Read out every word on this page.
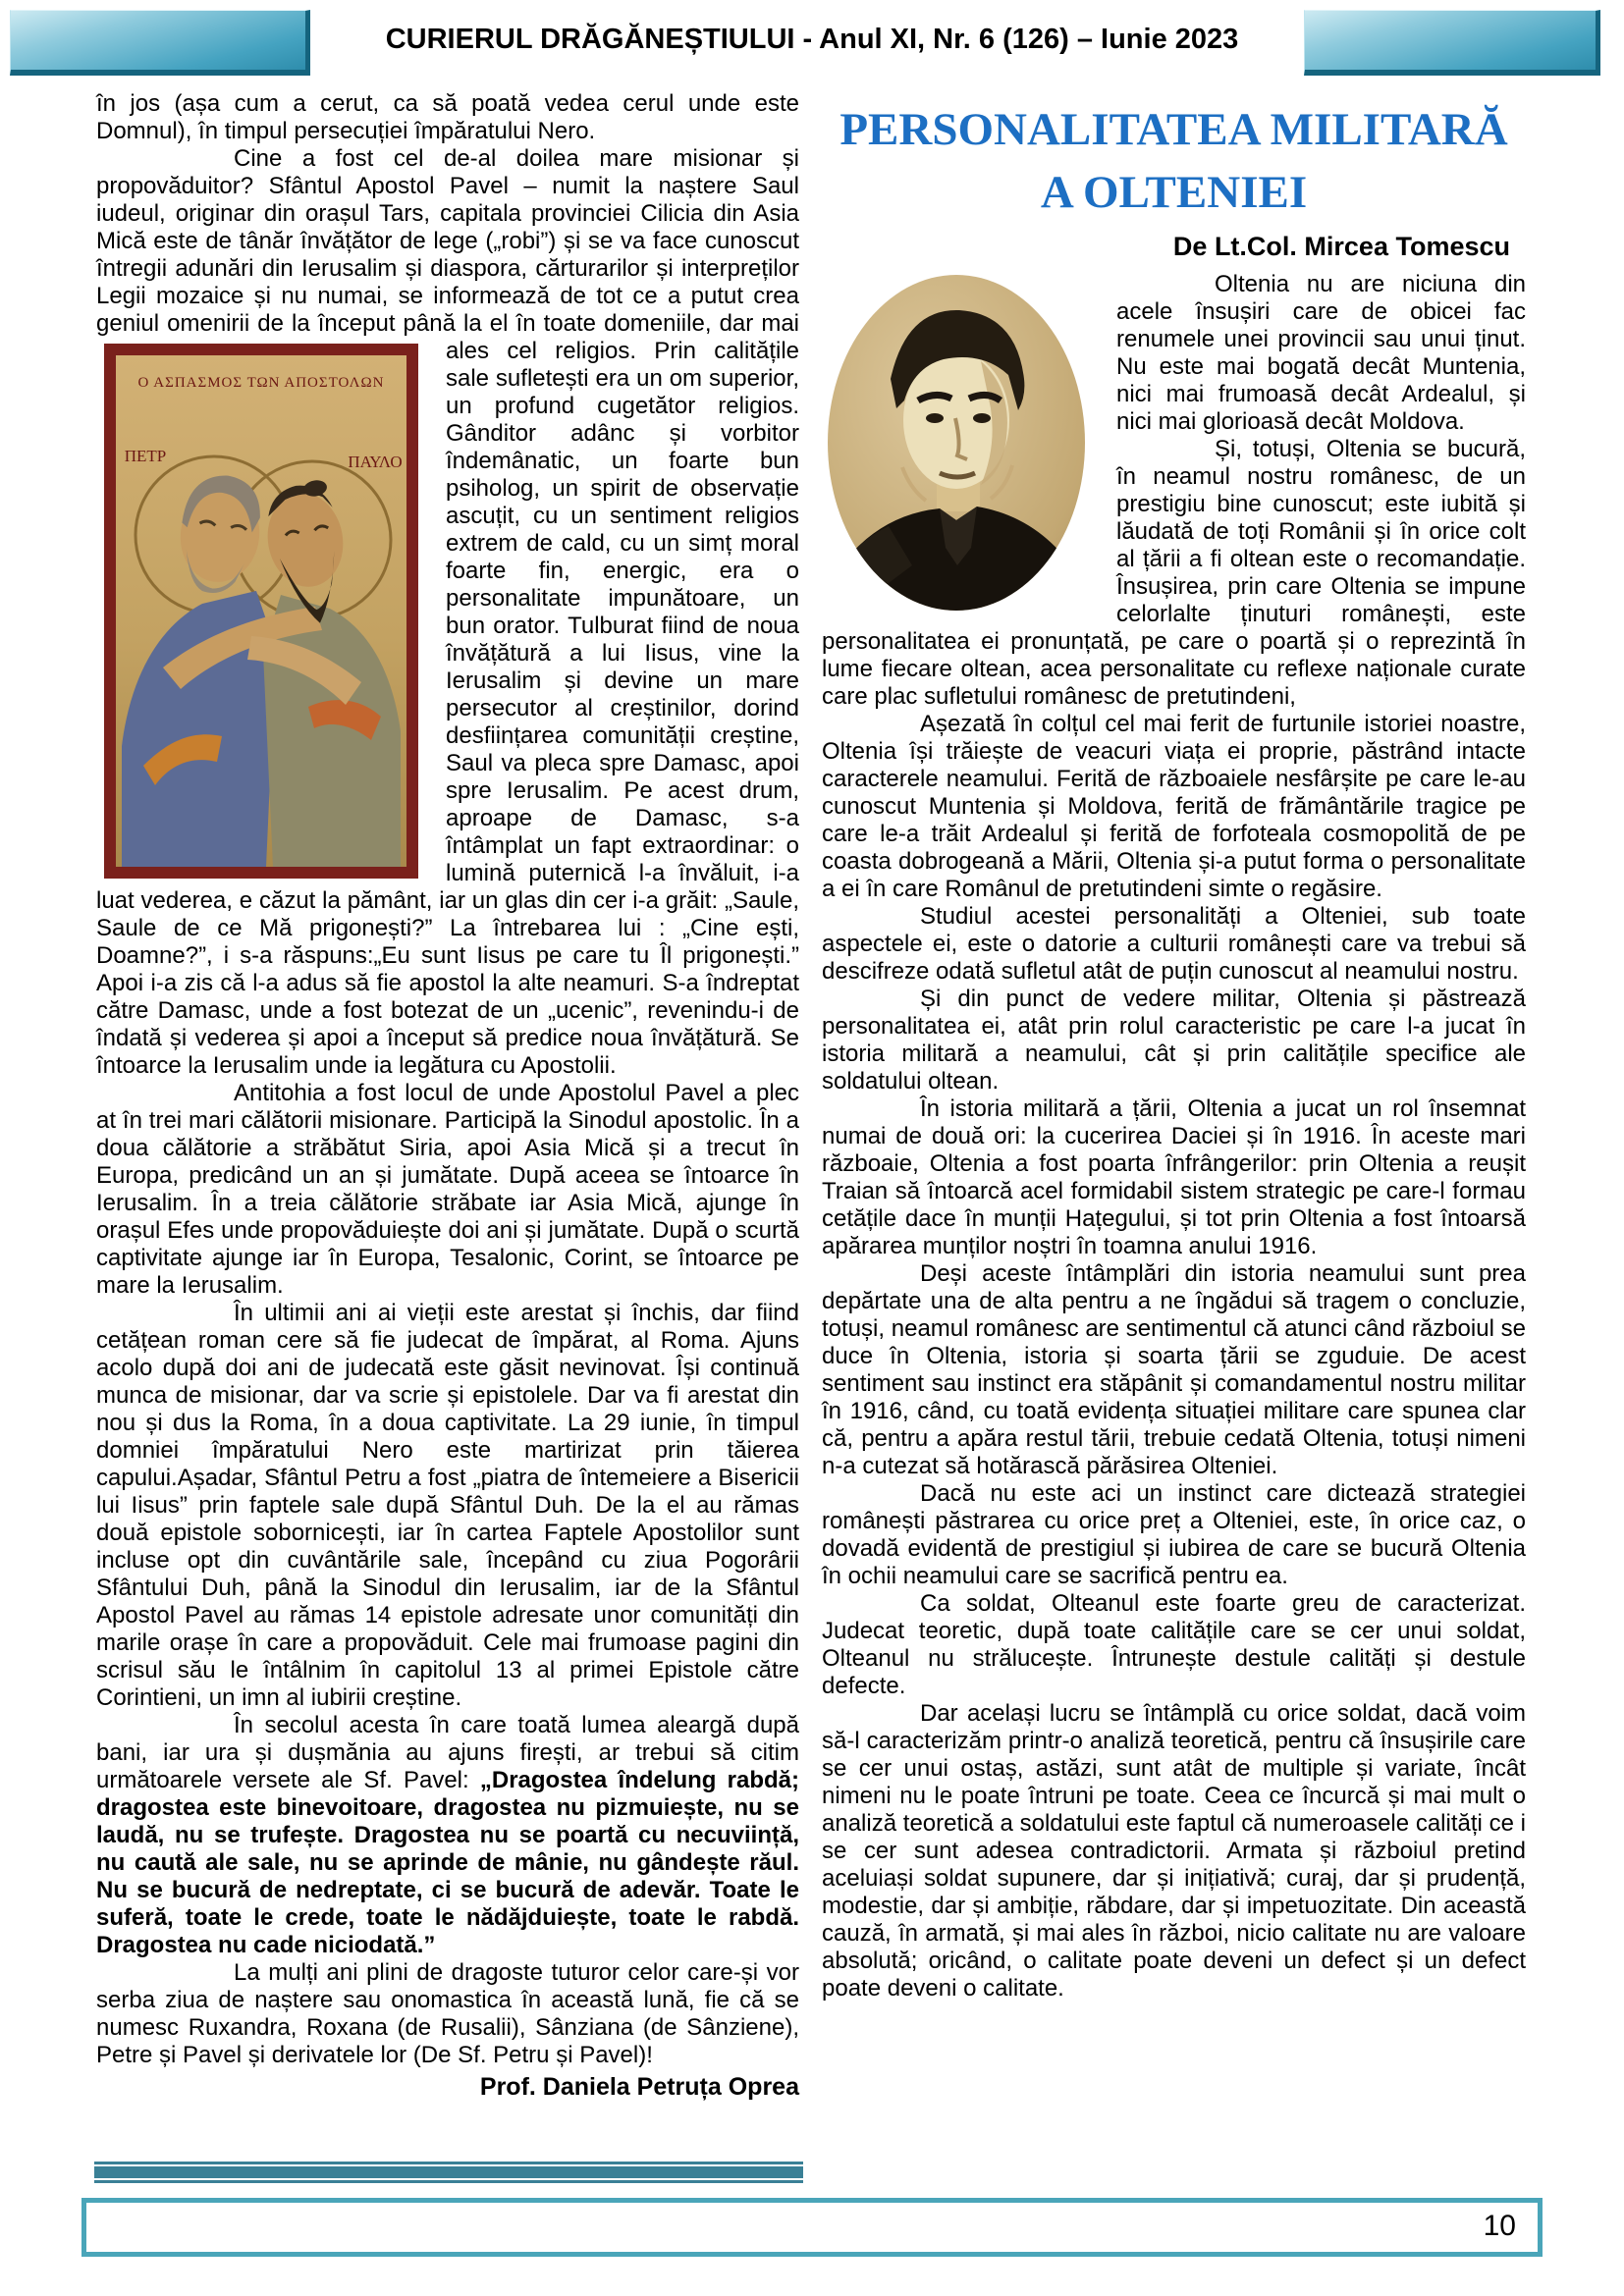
CURIERUL DRĂGĂNEȘTIULUI - Anul XI, Nr. 6 (126) – Iunie 2023

în jos (așa cum a cerut, ca să poată vedea cerul unde este Domnul), în timpul persecuției împăratului Nero.

Cine a fost cel de-al doilea mare misionar și propovăduitor? Sfântul Apostol Pavel – numit la naștere Saul iudeul, originar din orașul Tars, capitala provinciei Cilicia din Asia Mică este de tânăr învățător de lege („robi”) și se va face cunoscut întregii adunări din Ierusalim și diaspora, cărturarilor și interpreților Legii mozaice și nu numai, se informează de tot ce a putut crea geniul omenirii de la început până la el în toate
Ο ΑΣΠΑΣΜΟΣ ΤΩΝ ΑΠΟΣΤΟΛΩΝ
ΠΕΤΡ	ΠΑΥΛΟ
domeniile, dar mai ales cel religios. Prin calitățile sale sufletești era un om superior, un profund cugetător religios. Gânditor adânc și vorbitor îndemânatic, un foarte bun psiholog, un spirit de observație ascuțit, cu un sentiment religios extrem de cald, cu un simț moral foarte fin, energic, era o personalitate impunătoare, un bun orator. Tulburat fiind de noua învățătură a lui Iisus, vine la Ierusalim și devine un mare persecutor al creștinilor, dorind desființarea comunității creștine, Saul va pleca spre Damasc, apoi spre Ierusalim. Pe acest drum, aproape de Damasc, s-a întâmplat un fapt extraordinar: o lumină puternică l-a învăluit, i-a luat vederea, e căzut la pământ, iar un glas din cer i-a grăit: „Saule, Saule de ce Mă prigonești?” La întrebarea lui : „Cine ești, Doamne?”, i s-a răspuns:„Eu sunt Iisus pe care tu Îl prigonești.” Apoi i-a zis că l-a adus să fie apostol la alte neamuri. S-a îndreptat către Damasc, unde a fost botezat de un „ucenic”, revenindu-i de îndată și vederea și apoi a început să predice noua învățătură. Se întoarce la Ierusalim unde ia legătura cu Apostolii.

Antitohia a fost locul de unde Apostolul Pavel a plec at în trei mari călătorii misionare. Participă la Sinodul apostolic. În a doua călătorie a străbătut Siria, apoi Asia Mică și a trecut în Europa, predicând un an și jumătate. După aceea se întoarce în Ierusalim. În a treia călătorie străbate iar Asia Mică, ajunge în orașul Efes unde propovăduiește doi ani și jumătate. După o scurtă captivitate ajunge iar în Europa, Tesalonic, Corint, se întoarce pe mare la Ierusalim.

În ultimii ani ai vieții este arestat și închis, dar fiind cetățean roman cere să fie judecat de împărat, al Roma. Ajuns acolo după doi ani de judecată este găsit nevinovat. Își continuă munca de misionar, dar va scrie și epistolele. Dar va fi arestat din nou și dus la Roma, în a doua captivitate. La 29 iunie, în timpul domniei împăratului Nero este martirizat prin tăierea capului.Așadar, Sfântul Petru a fost „piatra de întemeiere a Bisericii lui Iisus” prin faptele sale după Sfântul Duh. De la el au rămas două epistole sobornicești, iar în cartea Faptele Apostolilor sunt incluse opt din cuvântările sale, începând cu ziua Pogorârii Sfântului Duh, până la Sinodul din Ierusalim, iar de la Sfântul Apostol Pavel au rămas 14 epistole adresate unor comunități din marile orașe în care a propovăduit. Cele mai frumoase pagini din scrisul său le întâlnim în capitolul 13 al primei Epistole către Corintieni, un imn al iubirii creștine.

În secolul acesta în care toată lumea aleargă după bani, iar ura și dușmănia au ajuns firești, ar trebui să citim următoarele versete ale Sf. Pavel: „Dragostea îndelung rabdă; dragostea este binevoitoare, dragostea nu pizmuiește, nu se laudă, nu se trufește. Dragostea nu se poartă cu necuviință, nu caută ale sale, nu se aprinde de mânie, nu gândește răul. Nu se bucură de nedreptate, ci se bucură de adevăr. Toate le suferă, toate le crede, toate le nădăjduiește, toate le rabdă. Dragostea nu cade niciodată.”

La mulți ani plini de dragoste tuturor celor care-și vor serba ziua de naștere sau onomastica în această lună, fie că se numesc Ruxandra, Roxana (de Rusalii), Sânziana (de Sânziene), Petre și Pavel și derivatele lor (De Sf. Petru și Pavel)!

Prof. Daniela Petruța Oprea
PERSONALITATEA MILITARĂ
A OLTENIEI
De Lt.Col. Mircea Tomescu

Oltenia nu are niciuna din acele însușiri care de obicei fac renumele unei provincii sau unui ținut. Nu este mai bogată decât Muntenia, nici mai frumoasă decât Ardealul, și nici mai glorioasă decât Moldova.

Și, totuși, Oltenia se bucură, în neamul nostru românesc, de un prestigiu bine cunoscut; este iubită și lăudată de toți Românii și în orice colt al țării a fi oltean este o recomandație. Însușirea, prin care Oltenia se impune celorlalte ținuturi românești, este personalitatea ei pronunțată, pe care o poartă și o reprezintă în lume fiecare oltean, acea personalitate cu reflexe naționale curate care plac sufletului românesc de pretutindeni,

Așezată în colțul cel mai ferit de furtunile istoriei noastre, Oltenia își trăiește de veacuri viața ei proprie, păstrând intacte caracterele neamului. Ferită de războaiele nesfârșite pe care le-au cunoscut Muntenia și Moldova, ferită de frământările tragice pe care le-a trăit Ardealul și ferită de forfoteala cosmopolită de pe coasta dobrogeană a Mării, Oltenia și-a putut forma o personalitate a ei în care Românul de pretutindeni simte o regăsire.

Studiul acestei personalități a Olteniei, sub toate aspectele ei, este o datorie a culturii românești care va trebui să descifreze odată sufletul atât de puțin cunoscut al neamului nostru.

Și din punct de vedere militar, Oltenia și păstrează personalitatea ei, atât prin rolul caracteristic pe care l-a jucat în istoria militară a neamului, cât și prin calitățile specifice ale soldatului oltean.

În istoria militară a țării, Oltenia a jucat un rol însemnat numai de două ori: la cucerirea Daciei și în 1916. În aceste mari războaie, Oltenia a fost poarta înfrângerilor: prin Oltenia a reușit Traian să întoarcă acel formidabil sistem strategic pe care-l formau cetățile dace în munții Hațegului, și tot prin Oltenia a fost întoarsă apărarea munților noștri în toamna anului 1916.

Deși aceste întâmplări din istoria neamului sunt prea depărtate una de alta pentru a ne îngădui să tragem o concluzie, totuși, neamul românesc are sentimentul că atunci când războiul se duce în Oltenia, istoria și soarta țării se zguduie. De acest sentiment sau instinct era stăpânit și comandamentul nostru militar în 1916, când, cu toată evidența situației militare care spunea clar că, pentru a apăra restul tării, trebuie cedată Oltenia, totuși nimeni n-a cutezat să hotărască părăsirea Olteniei.

Dacă nu este aci un instinct care dictează strategiei românești păstrarea cu orice preț a Olteniei, este, în orice caz, o dovadă evidentă de prestigiul și iubirea de care se bucură Oltenia în ochii neamului care se sacrifică pentru ea.

Ca soldat, Olteanul este foarte greu de caracterizat. Judecat teoretic, după toate calitățile care se cer unui soldat, Olteanul nu strălucește. Întrunește destule calități și destule defecte.

Dar același lucru se întâmplă cu orice soldat, dacă voim să-l caracterizăm printr-o analiză teoretică, pentru că însușirile care se cer unui ostaș, astăzi, sunt atât de multiple și variate, încât nimeni nu le poate întruni pe toate. Ceea ce încurcă și mai mult o analiză teoretică a soldatului este faptul că numeroasele calități ce i se cer sunt adesea contradictorii. Armata și războiul pretind aceluiași soldat supunere, dar și inițiativă; curaj, dar și prudență, modestie, dar și ambiție, răbdare, dar și impetuozitate. Din această cauză, în armată, și mai ales în război, nicio calitate nu are valoare absolută; oricând, o calitate poate deveni un defect și un defect poate deveni o calitate.

10
